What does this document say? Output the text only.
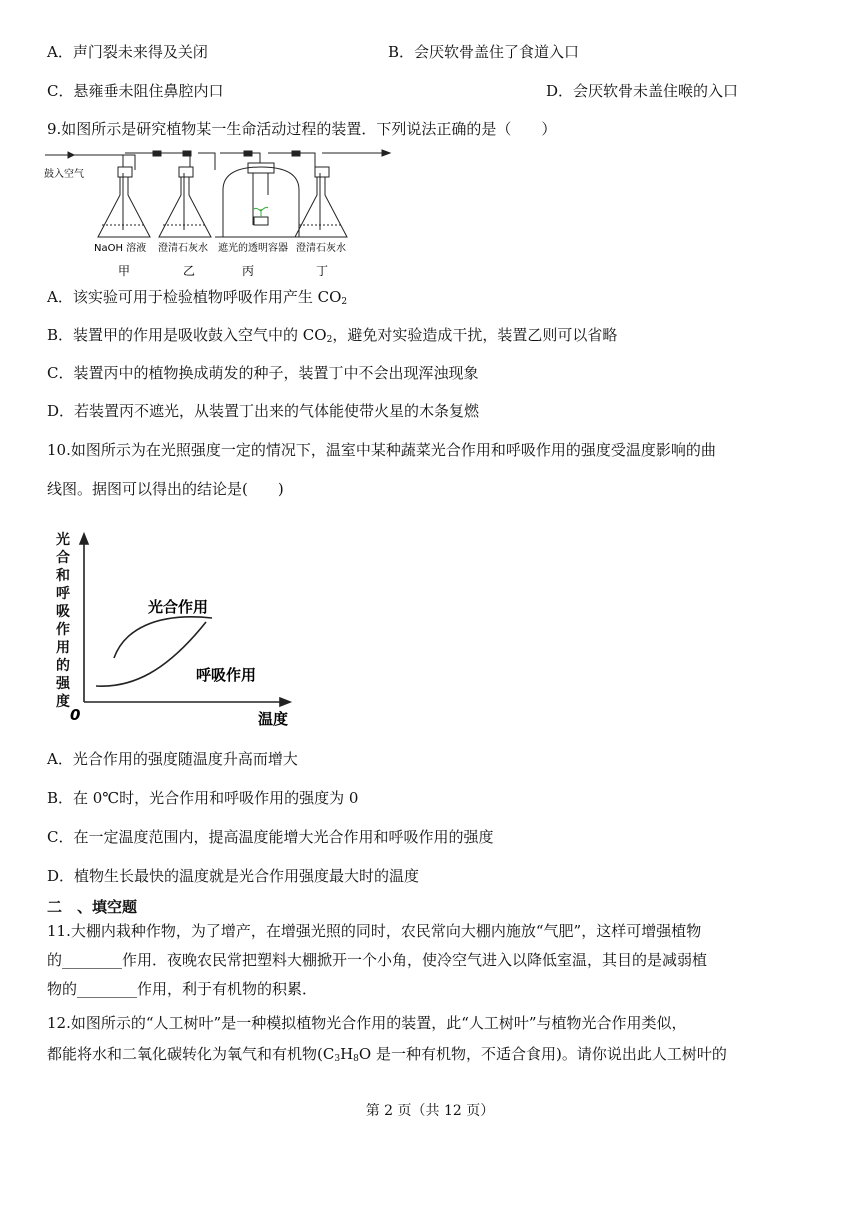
A．声门裂未来得及关闭	B．会厌软骨盖住了食道入口
C．悬雍垂未阻住鼻腔内口	D．会厌软骨未盖住喉的入口
9.如图所示是研究植物某一生命活动过程的装置．下列说法正确的是（　　）
鼓入空气
NaOH 溶液 澄清石灰水 遮光的透明容器 澄清石灰水
甲	乙	丙	丁
A．该实验可用于检验植物呼吸作用产生 $CO_2$
B．装置甲的作用是吸收鼓入空气中的 $CO_2$，避免对实验造成干扰，装置乙则可以省略
C．装置丙中的植物换成萌发的种子，装置丁中不会出现浑浊现象
D．若装置丙不遮光，从装置丁出来的气体能使带火星的木条复燃
10.如图所示为在光照强度一定的情况下，温室中某种蔬菜光合作用和呼吸作用的强度受温度影响的曲
线图。据图可以得出的结论是(　　)
光合和呼吸作用的强度
0	温度
光合作用
呼吸作用
A．光合作用的强度随温度升高而增大
B．在 0℃时，光合作用和呼吸作用的强度为 0
C．在一定温度范围内，提高温度能增大光合作用和呼吸作用的强度
D．植物生长最快的温度就是光合作用强度最大时的温度
二　、填空题
11.大棚内栽种作物，为了增产，在增强光照的同时，农民常向大棚内施放“气肥”，这样可增强植物
的________作用．夜晚农民常把塑料大棚掀开一个小角，使冷空气进入以降低室温，其目的是减弱植
物的________作用，利于有机物的积累．
12.如图所示的“人工树叶”是一种模拟植物光合作用的装置，此“人工树叶”与植物光合作用类似，
都能将水和二氧化碳转化为氧气和有机物($C_3H_8O$ 是一种有机物，不适合食用)。请你说出此人工树叶的
第 2 页（共 12 页）
